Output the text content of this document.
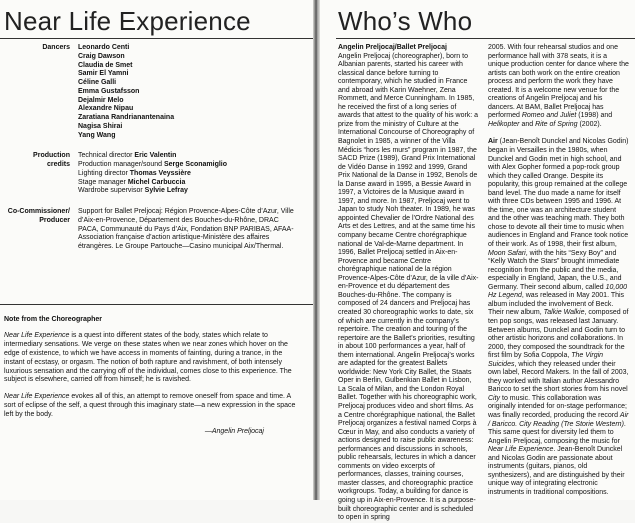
Near Life Experience
Dancers Leonardo Centi
Craig Dawson
Claudia de Smet
Samir El Yamni
Céline Galli
Emma Gustafsson
Dejalmir Melo
Alexandre Nipau
Zaratiana Randrianantenaina
Nagisa Shirai
Yang Wang
Production
credits
Technical director Eric Valentin
Production manager/sound Serge Sconamiglio
Lighting director Thomas Veyssière
Stage manager Michel Carbuccia
Wardrobe supervisor Sylvie Lefray
Co-Commissioner/
Producer
Support for Ballet Preljocaj: Région Provence-Alpes-Côte d’Azur, Ville d’Aix-en-Provence, Département des Bouches-du-Rhône, DRAC PACA, Communauté du Pays d’Aix, Fondation BNP PARIBAS, AFAA-Association française d’action artistique-Ministère des affaires étrangères. Le Groupe Partouche—Casino municipal Aix/Thermal.
Note from the Choreographer

Near Life Experience is a quest into different states of the body, states which relate to intermediary sensations. We verge on these states when we near zones which hover on the edge of existence, to which we have access in moments of fainting, during a trance, in the instant of ecstasy, or orgasm. The notion of both rapture and ravishment, of both intensely luxurious sensation and the carrying off of the individual, comes close to this experience. The subject is elsewhere, carried off from himself; he is ravished.

Near Life Experience evokes all of this, an attempt to remove oneself from space and time. A sort of eclipse of the self, a quest through this imaginary state—a new expression in the space left by the body.

—Angelin Preljocaj
Who’s Who

Angelin Preljocaj/Ballet Preljocaj

Angelin Preljocaj (choreographer), born to Albanian parents, started his career with classical dance before turning to contemporary, which he studied in France and abroad with Karin Waehner, Zena Rommett, and Merce Cunningham. In 1985, he received the first of a long series of awards that attest to the quality of his work: a prize from the ministry of Culture at the International Concourse of Choreography of Bagnolet in 1985, a winner of the Villa Médicis “hors les murs” program in 1987, the SACD Prize (1989), Grand Prix International de Vidéo Danse in 1992 and 1999, Grand Prix National de la Danse in 1992, Benoîs de la Danse award in 1995, a Bessie Award in 1997, a Victoires de la Musique award in 1997, and more. In 1987, Preljocaj went to Japan to study Noh theater. In 1989, he was appointed Chevalier de l’Ordre National des Arts et des Lettres, and at the same time his company became Centre chorégraphique national de Val-de-Marne department. In 1996, Ballet Preljocaj settled in Aix-en-Provence and became Centre chorégraphique national de la région Provence-Alpes-Côte d’Azur, de la ville d’Aix-en-Provence et du département des Bouches-du-Rhône. The company is composed of 24 dancers and Preljocaj has created 30 choreographic works to date, six of which are currently in the company’s repertoire. The creation and touring of the repertoire are the Ballet’s priorities, resulting in about 100 performances a year, half of them international. Angelin Preljocaj’s works are adapted for the greatest Ballets worldwide: New York City Ballet, the Staats Oper in Berlin, Gulbenkian Ballet in Lisbon, La Scala of Milan, and the London Royal Ballet. Together with his choreographic work, Preljocaj produces video and short films. As a Centre chorégraphique national, the Ballet Preljocaj organizes a festival named Corps à Cœur in May, and also conducts a variety of actions designed to raise public awareness: performances and discussions in schools, public rehearsals, lectures in which a dancer comments on video excerpts of performances, classes, training courses, master classes, and choreographic practice workgroups. Today, a building for dance is going up in Aix-en-Provence. It is a purpose-built choreographic center and is scheduled to open in spring

2005. With four rehearsal studios and one performance hall with 378 seats, it is a unique production center for dance where the artists can both work on the entire creation process and perform the work they have created. It is a welcome new venue for the creations of Angelin Preljocaj and his dancers. At BAM, Ballet Preljocaj has performed Romeo and Juliet (1998) and Helikopter and Rite of Spring (2002).

Air (Jean-Benoît Dunckel and Nicolas Godin) began in Versailles in the 1980s, when Dunckel and Godin met in high school, and with Alex Gopher formed a pop-rock group which they called Orange. Despite its popularity, this group remained at the college band level. The duo made a name for itself with three CDs between 1995 and 1996. At the time, one was an architecture student and the other was teaching math. They both chose to devote all their time to music when audiences in England and France took notice of their work. As of 1998, their first album, Moon Safari, with the hits “Sexy Boy” and “Kelly Watch the Stars” brought immediate recognition from the public and the media, especially in England, Japan, the U.S., and Germany. Their second album, called 10,000 Hz Legend, was released in May 2001. This album included the involvement of Beck. Their new album, Talkie Walkie, composed of ten pop songs, was released last January. Between albums, Dunckel and Godin turn to other artistic horizons and collaborations. In 2000, they composed the soundtrack for the first film by Sofia Coppola, The Virgin Suicides, which they released under their own label, Record Makers. In the fall of 2003, they worked with Italian author Alessandro Baricco to set the short stories from his novel City to music. This collaboration was originally intended for on-stage performance; was finally recorded, producing the record Air / Baricco. City Reading (Tre Storie Western). This same quest for diversity led them to Angelin Preljocaj, composing the music for Near Life Experience. Jean-Benoît Dunckel and Nicolas Godin are passionate about instruments (guitars, pianos, old synthesizers), and are distinguished by their unique way of integrating electronic instruments in traditional compositions.
